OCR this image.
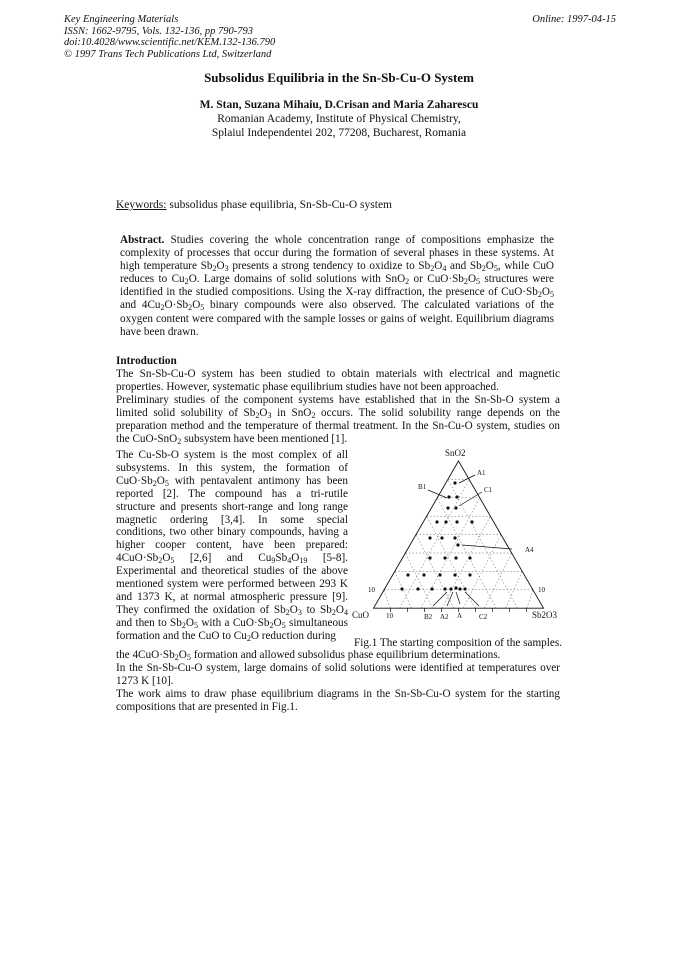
Key Engineering Materials
ISSN: 1662-9795, Vols. 132-136, pp 790-793
doi:10.4028/www.scientific.net/KEM.132-136.790
© 1997 Trans Tech Publications Ltd, Switzerland
Online: 1997-04-15
Subsolidus Equilibria in the Sn-Sb-Cu-O System
M. Stan, Suzana Mihaiu, D.Crisan and Maria Zaharescu
Romanian Academy, Institute of Physical Chemistry,
Splaiul Independentei 202, 77208, Bucharest, Romania
Keywords: subsolidus phase equilibria, Sn-Sb-Cu-O system
Abstract. Studies covering the whole concentration range of compositions emphasize the complexity of processes that occur during the formation of several phases in these systems. At high temperature $Sb_2O_3$ presents a strong tendency to oxidize to $Sb_2O_4$ and $Sb_2O_5$, while CuO reduces to $Cu_2O$. Large domains of solid solutions with SnO$_2$ or $CuO\cdot Sb_2O_5$ structures were identified in the studied compositions. Using the X-ray diffraction, the presence of $CuO\cdot Sb_2O_5$ and $4Cu_2O\cdot Sb_2O_5$ binary compounds were also observed. The calculated variations of the oxygen content were compared with the sample losses or gains of weight. Equilibrium diagrams have been drawn.
Introduction
The Sn-Sb-Cu-O system has been studied to obtain materials with electrical and magnetic properties. However, systematic phase equilibrium studies have not been approached.
Preliminary studies of the component systems have established that in the Sn-Sb-O system a limited solid solubility of $Sb_2O_3$ in SnO$_2$ occurs. The solid solubility range depends on the preparation method and the temperature of thermal treatment. In the Sn-Cu-O system, studies on the CuO-SnO$_2$ subsystem have been mentioned [1].
The Cu-Sb-O system is the most complex of all subsystems. In this system, the formation of $CuO\cdot Sb_2O_5$ with pentavalent antimony has been reported [2]. The compound has a tri-rutile structure and presents short-range and long range magnetic ordering [3,4]. In some special conditions, two other binary compounds, having a higher cooper content, have been prepared: $4CuO\cdot Sb_2O_5$ [2,6] and $Cu_9Sb_4O_{19}$ [5-8]. Experimental and theoretical studies of the above mentioned system were performed between 293 K and 1373 K, at normal atmospheric pressure [9]. They confirmed the oxidation of $Sb_2O_3$ to $Sb_2O_4$ and then to $Sb_2O_5$ with a $CuO\cdot Sb_2O_5$ simultaneous formation and the CuO to $Cu_2O$ reduction during
SnO2
CuO	Sb2O3
10	10
10
A1
B1	C1
A4
B2 A2 A C2
Fig.1 The starting composition of the samples.
the $4CuO\cdot Sb_2O_5$ formation and allowed subsolidus phase equilibrium determinations.
In the Sn-Sb-Cu-O system, large domains of solid solutions were identified at temperatures over 1273 K [10].
The work aims to draw phase equilibrium diagrams in the Sn-Sb-Cu-O system for the starting compositions that are presented in Fig.1.
